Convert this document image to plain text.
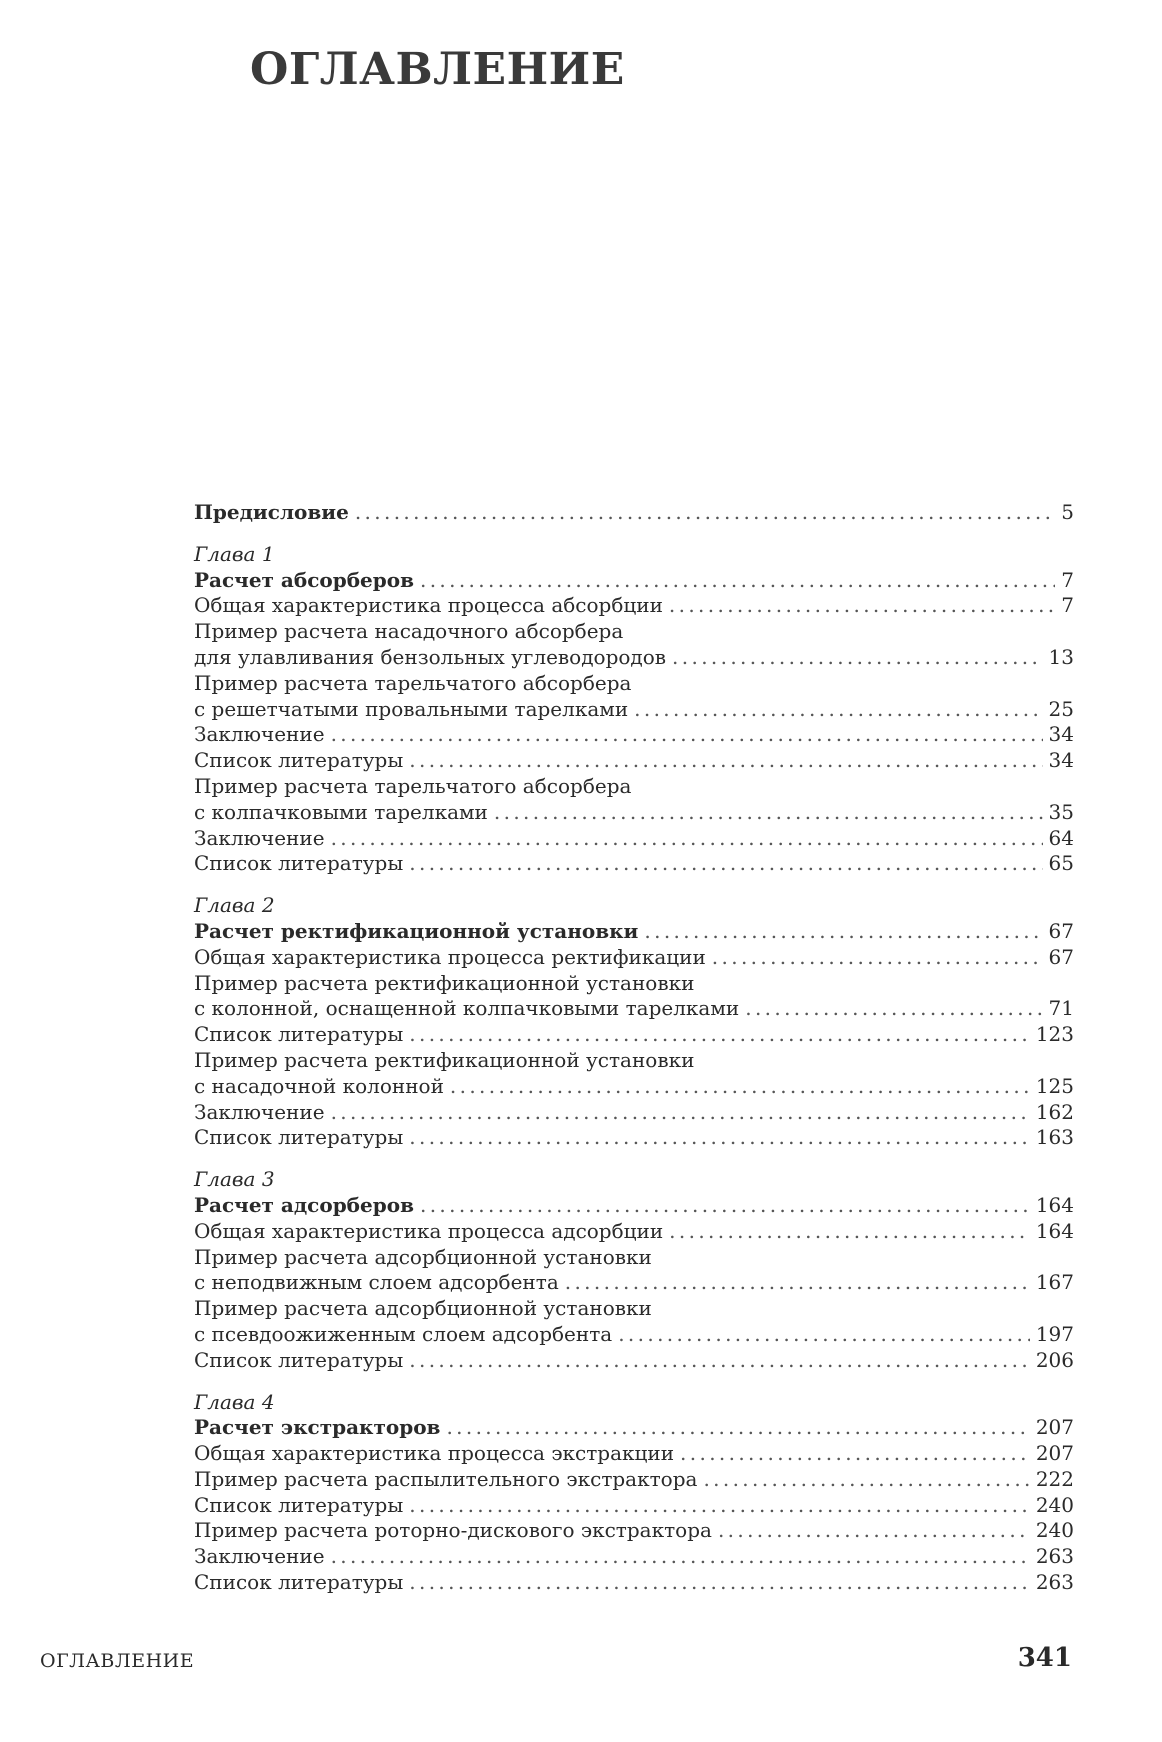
ОГЛАВЛЕНИЕ
Предисловие . . .	5
Глава 1
Расчет абсорберов . . .	7
Общая характеристика процесса абсорбции . . .	7
Пример расчета насадочного абсорбера
для улавливания бензольных углеводородов . . .	13
Пример расчета тарельчатого абсорбера
с решетчатыми провальными тарелками . . .	25
Заключение . . .	34
Список литературы . . .	34
Пример расчета тарельчатого абсорбера
с колпачковыми тарелками . . .	35
Заключение . . .	64
Список литературы . . .	65
Глава 2
Расчет ректификационной установки . . .	67
Общая характеристика процесса ректификации . . .	67
Пример расчета ректификационной установки
с колонной, оснащенной колпачковыми тарелками . . .	71
Список литературы . . .	123
Пример расчета ректификационной установки
с насадочной колонной . . .	125
Заключение . . .	162
Список литературы . . .	163
Глава 3
Расчет адсорберов . . .	164
Общая характеристика процесса адсорбции . . .	164
Пример расчета адсорбционной установки
с неподвижным слоем адсорбента . . .	167
Пример расчета адсорбционной установки
с псевдоожиженным слоем адсорбента . . .	197
Список литературы . . .	206
Глава 4
Расчет экстракторов . . .	207
Общая характеристика процесса экстракции . . .	207
Пример расчета распылительного экстрактора . . .	222
Список литературы . . .	240
Пример расчета роторно-дискового экстрактора . . .	240
Заключение . . .	263
Список литературы . . .	263
ОГЛАВЛЕНИЕ	341
